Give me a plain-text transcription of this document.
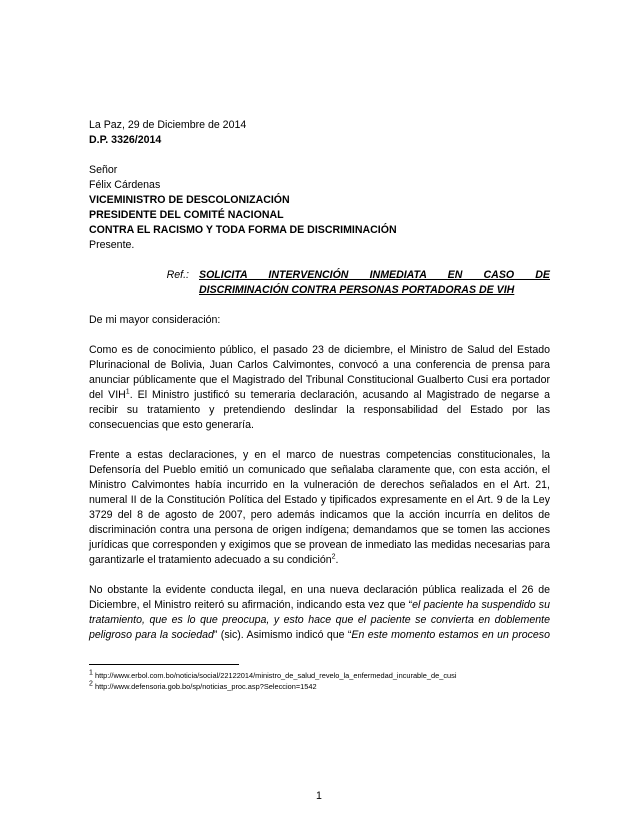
La Paz, 29 de Diciembre de 2014

D.P. 3326/2014

Señor

Félix Cárdenas

VICEMINISTRO DE DESCOLONIZACIÓN

PRESIDENTE DEL COMITÉ NACIONAL

CONTRA EL RACISMO Y TODA FORMA DE DISCRIMINACIÓN

Presente.

Ref.: SOLICITA INTERVENCIÓN INMEDIATA EN CASO DE DISCRIMINACIÓN CONTRA PERSONAS PORTADORAS DE VIH

De mi mayor consideración:

Como es de conocimiento público, el pasado 23 de diciembre, el Ministro de Salud del Estado Plurinacional de Bolivia, Juan Carlos Calvimontes, convocó a una conferencia de prensa para anunciar públicamente que el Magistrado del Tribunal Constitucional Gualberto Cusi era portador del VIH$^1$. El Ministro justificó su temeraria declaración, acusando al Magistrado de negarse a recibir su tratamiento y pretendiendo deslindar la responsabilidad del Estado por las consecuencias que esto generaría.

Frente a estas declaraciones, y en el marco de nuestras competencias constitucionales, la Defensoría del Pueblo emitió un comunicado que señalaba claramente que, con esta acción, el Ministro Calvimontes había incurrido en la vulneración de derechos señalados en el Art. 21, numeral II de la Constitución Política del Estado y tipificados expresamente en el Art. 9 de la Ley 3729 del 8 de agosto de 2007, pero además indicamos que la acción incurría en delitos de discriminación contra una persona de origen indígena; demandamos que se tomen las acciones jurídicas que corresponden y exigimos que se provean de inmediato las medidas necesarias para garantizarle el tratamiento adecuado a su condición$^2$.

No obstante la evidente conducta ilegal, en una nueva declaración pública realizada el 26 de Diciembre, el Ministro reiteró su afirmación, indicando esta vez que “el paciente ha suspendido su tratamiento, que es lo que preocupa, y esto hace que el paciente se convierta en doblemente peligroso para la sociedad” (sic). Asimismo indicó que “En este momento estamos en un proceso

$^1$ http://www.erbol.com.bo/noticia/social/22122014/ministro_de_salud_revelo_la_enfermedad_incurable_de_cusi
$^2$ http://www.defensoria.gob.bo/sp/noticias_proc.asp?Seleccion=1542
1
